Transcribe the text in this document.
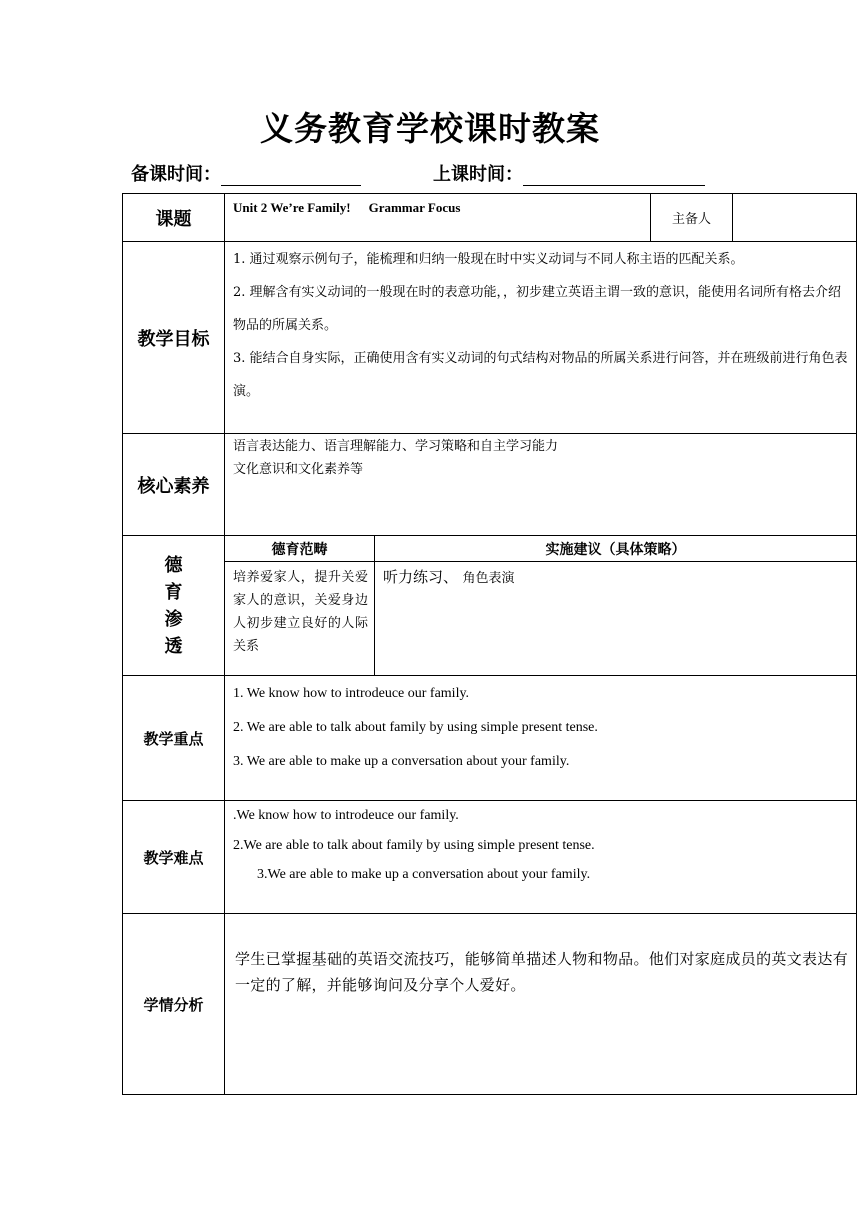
义务教育学校课时教案
备课时间：	上课时间：
课题	Unit 2 We’re Family! Grammar Focus		主备人	
教学目标	1. 通过观察示例句子，能梳理和归纳一般现在时中实义动词与不同人称主语的匹配关系。

2. 理解含有实义动词的一般现在时的表意功能，，初步建立英语主谓一致的意识，能使用名词所有格去介绍物品的所属关系。

3. 能结合自身实际，正确使用含有实义动词的句式结构对物品的所属关系进行问答，并在班级前进行角色表演。			

核心素养	语言表达能力、语言理解能力、学习策略和自主学习能力

文化意识和文化素养等			

德
育
渗
透	德育范畴	实施建议（具体策略）		
	培养爱家人，提升关爱家人的意识，关爱身边人初步建立良好的人际关系	听力练习、 角色表演		
教学重点	1. We know how to introdeuce our family.

2. We are able to talk about family by using simple present tense.

3. We are able to make up a conversation about your family.			

教学难点	.We know how to introdeuce our family.

2.We are able to talk about family by using simple present tense.

3.We are able to make up a conversation about your family.			

学情分析	学生已掌握基础的英语交流技巧，能够简单描述人物和物品。他们对家庭成员的英文表达有一定的了解，并能够询问及分享个人爱好。			
